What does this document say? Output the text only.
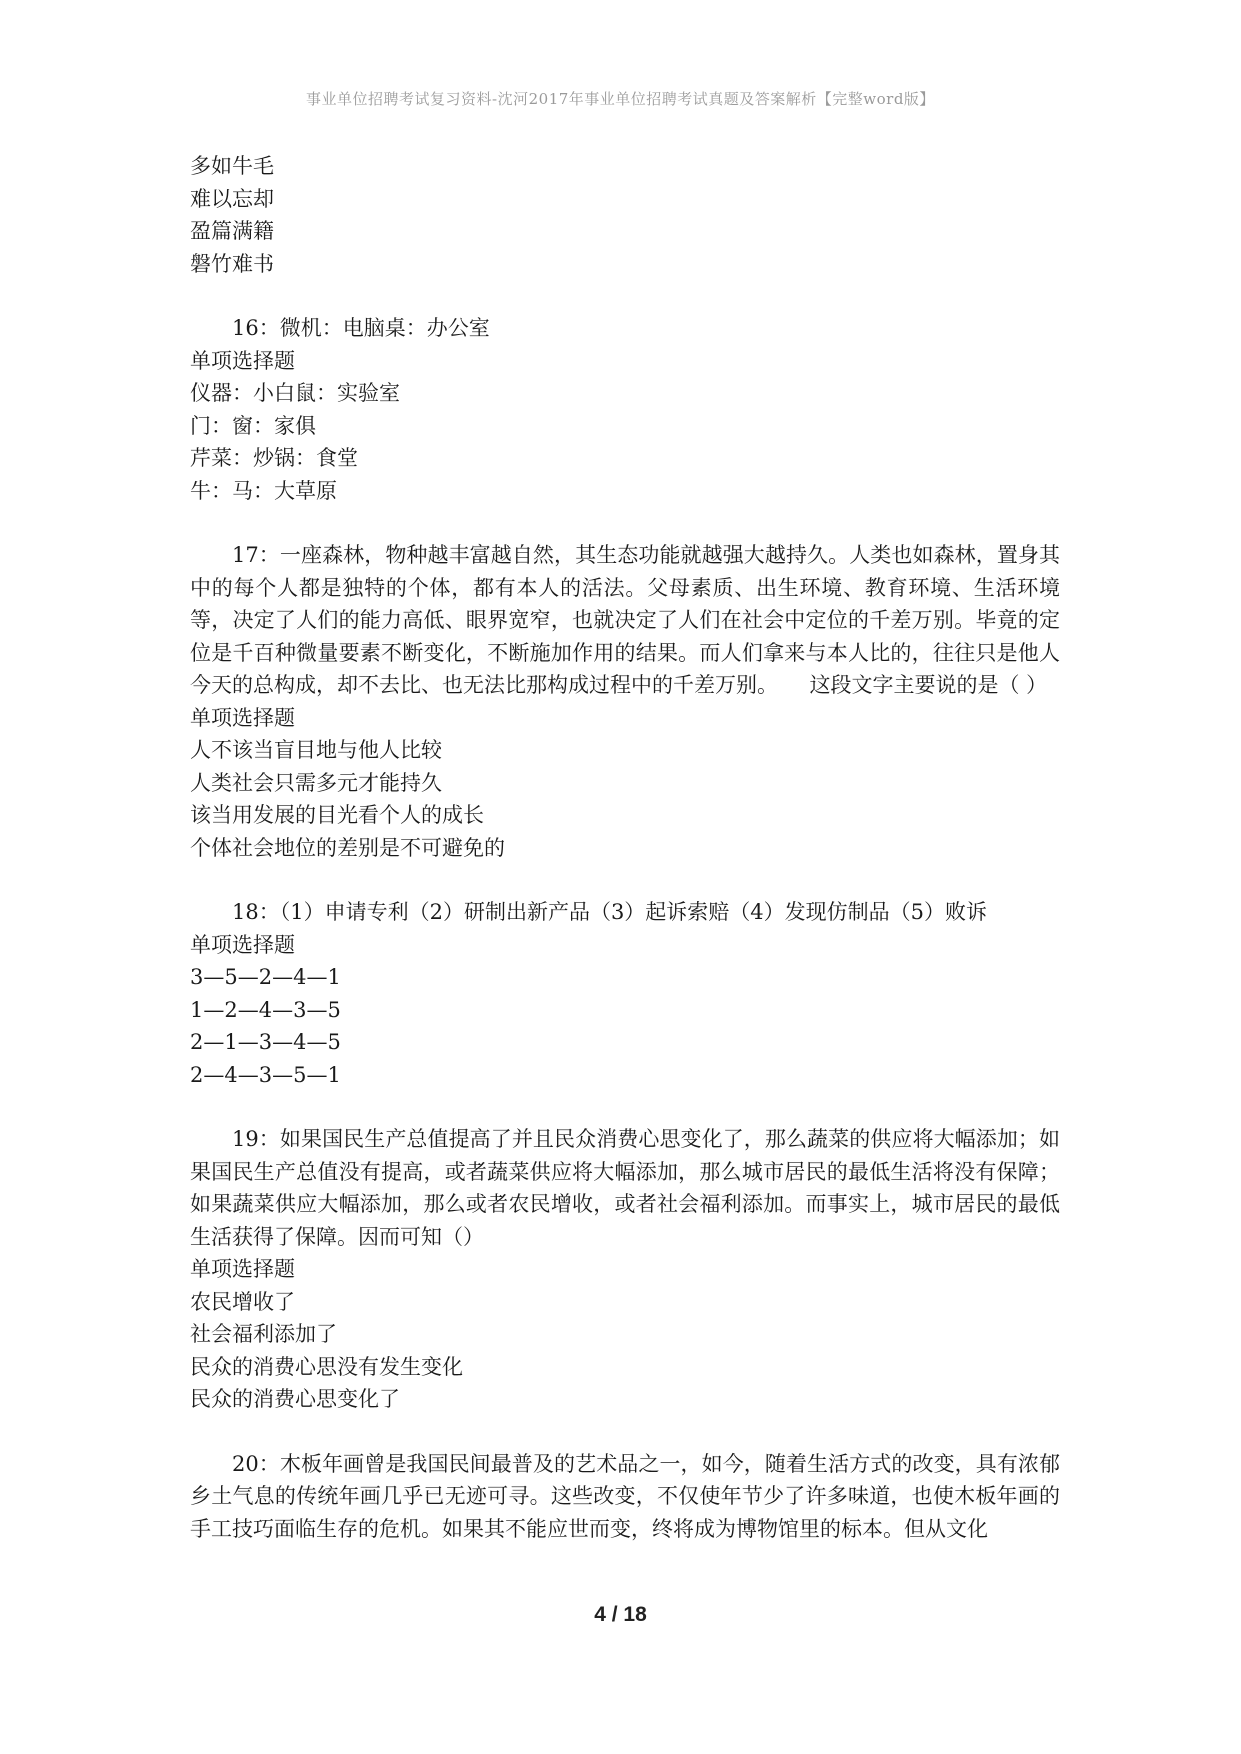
事业单位招聘考试复习资料-沈河2017年事业单位招聘考试真题及答案解析【完整word版】
多如牛毛
难以忘却
盈篇满籍
磐竹难书
16：微机：电脑桌：办公室
单项选择题
仪器：小白鼠：实验室
门：窗：家俱
芹菜：炒锅：食堂
牛：马：大草原
17：一座森林，物种越丰富越自然，其生态功能就越强大越持久。人类也如森林，置身其中的每个人都是独特的个体，都有本人的活法。父母素质、出生环境、教育环境、生活环境等，决定了人们的能力高低、眼界宽窄，也就决定了人们在社会中定位的千差万别。毕竟的定位是千百种微量要素不断变化，不断施加作用的结果。而人们拿来与本人比的，往往只是他人今天的总构成，却不去比、也无法比那构成过程中的千差万别。　　这段文字主要说的是（ ）
单项选择题
人不该当盲目地与他人比较
人类社会只需多元才能持久
该当用发展的目光看个人的成长
个体社会地位的差别是不可避免的
18：（1）申请专利（2）研制出新产品（3）起诉索赔（4）发现仿制品（5）败诉
单项选择题
3—5—2—4—1
1—2—4—3—5
2—1—3—4—5
2—4—3—5—1
19：如果国民生产总值提高了并且民众消费心思变化了，那么蔬菜的供应将大幅添加；如果国民生产总值没有提高，或者蔬菜供应将大幅添加，那么城市居民的最低生活将没有保障；如果蔬菜供应大幅添加，那么或者农民增收，或者社会福利添加。而事实上，城市居民的最低生活获得了保障。因而可知（）
单项选择题
农民增收了
社会福利添加了
民众的消费心思没有发生变化
民众的消费心思变化了
20：木板年画曾是我国民间最普及的艺术品之一，如今，随着生活方式的改变，具有浓郁乡土气息的传统年画几乎已无迹可寻。这些改变，不仅使年节少了许多味道，也使木板年画的手工技巧面临生存的危机。如果其不能应世而变，终将成为博物馆里的标本。但从文化
4 / 18
